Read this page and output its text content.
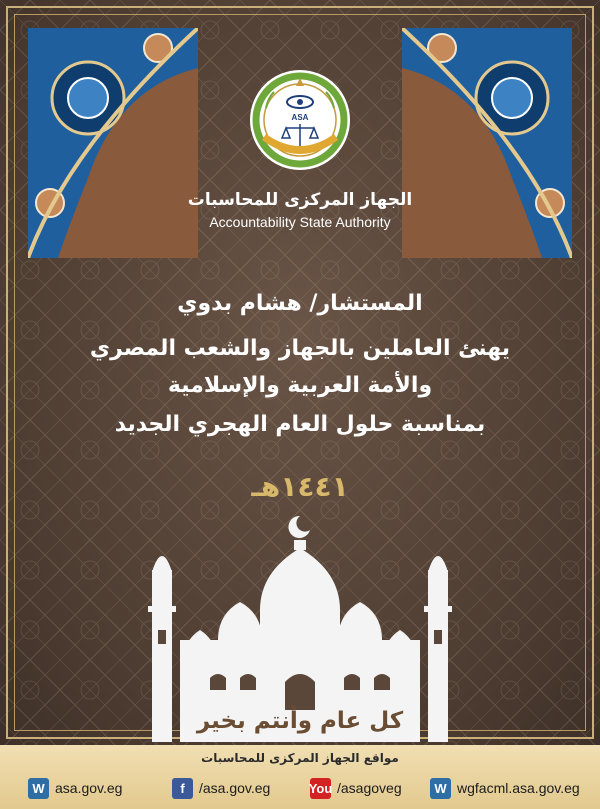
ASA
الجهاز المركزى للمحاسبات
Accountability State Authority
المستشار/ هشام بدوي
يهنئ العاملين بالجهاز والشعب المصري
والأمة العربية والإسلامية
بمناسبة حلول العام الهجري الجديد
١٤٤١هـ
كل عام وأنتم بخير
مواقع الجهاز المركزى للمحاسبات
W asa.gov.eg	f	/asa.gov.eg	You /asagoveg	W wgfacml.asa.gov.eg
